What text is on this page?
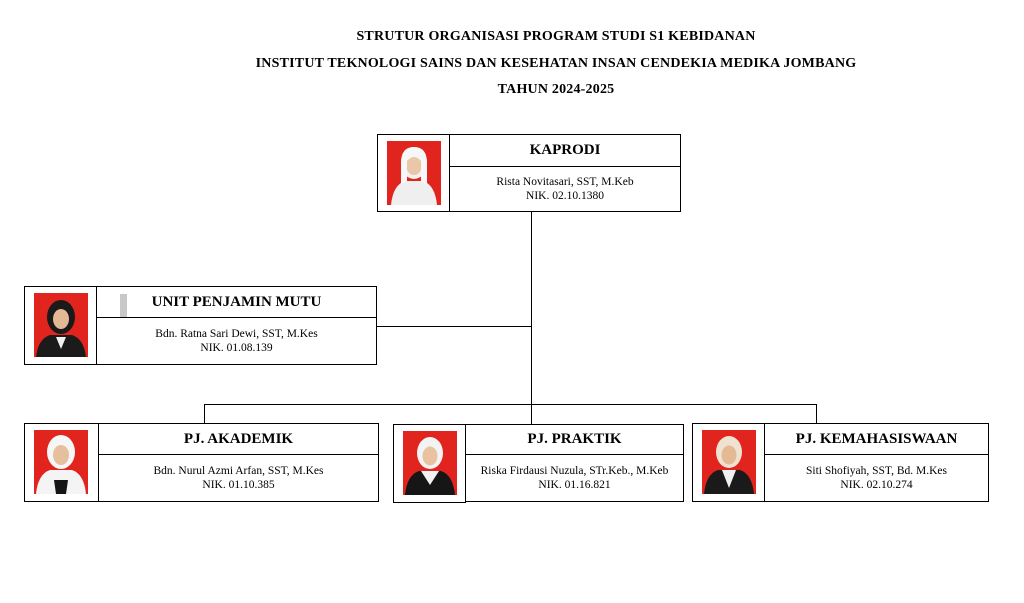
STRUTUR ORGANISASI PROGRAM STUDI S1 KEBIDANAN
INSTITUT TEKNOLOGI SAINS DAN KESEHATAN INSAN CENDEKIA MEDIKA JOMBANG
TAHUN 2024-2025
KAPRODI
Rista Novitasari, SST, M.Keb
NIK. 02.10.1380
UNIT PENJAMIN MUTU
Bdn. Ratna Sari Dewi, SST, M.Kes
NIK. 01.08.139
PJ. AKADEMIK
Bdn. Nurul Azmi Arfan, SST, M.Kes
NIK. 01.10.385
PJ. PRAKTIK
Riska Firdausi Nuzula, STr.Keb., M.Keb
NIK. 01.16.821
PJ. KEMAHASISWAAN
Siti Shofiyah, SST, Bd. M.Kes
NIK. 02.10.274
